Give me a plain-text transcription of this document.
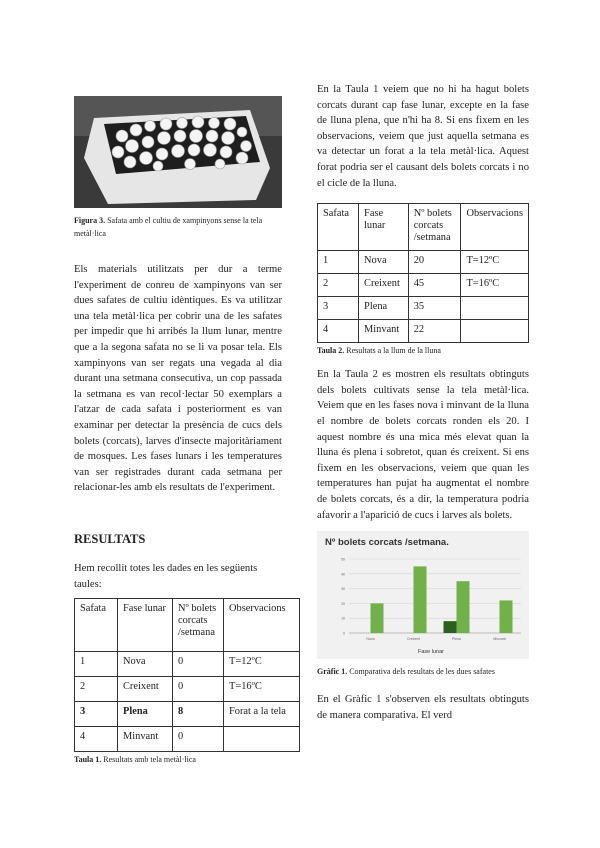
Figura 3. Safata amb el cultiu de xampinyons sense la tela metàl·lica

Els materials utilitzats per dur a terme l'experiment de conreu de xampinyons van ser dues safates de cultiu idèntiques. Es va utilitzar una tela metàl·lica per cobrir una de les safates per impedir que hi arribés la llum lunar, mentre que a la segona safata no se li va posar tela. Els xampinyons van ser regats una vegada al dia durant una setmana consecutiva, un cop passada la setmana es van recol·lectar 50 exemplars a l'atzar de cada safata i posteriorment es van examinar per detectar la presència de cucs dels bolets (corcats), larves d'insecte majoritàriament de mosques. Les fases lunars i les temperatures van ser registrades durant cada setmana per relacionar-les amb els resultats de l'experiment.

RESULTATS

Hem recollit totes les dades en les següents taules:

Safata	Fase lunar	Nº bolets corcats /setmana	Observacions
1	Nova	0	T=12ºC
2	Creixent	0	T=16ºC
3	Plena	8	Forat a la tela
4	Minvant	0	
Taula 1. Resultats amb tela metàl·lica

En la Taula 1 veiem que no hi ha hagut bolets corcats durant cap fase lunar, excepte en la fase de lluna plena, que n'hi ha 8. Si ens fixem en les observacions, veiem que just aquella setmana es va detectar un forat a la tela metàl·lica. Aquest forat podria ser el causant dels bolets corcats i no el cicle de la lluna.

Safata	Fase lunar	Nº bolets corcats /setmana	Observacions
1	Nova	20	T=12ºC
2	Creixent	45	T=16ºC
3	Plena	35	
4	Minvant	22	
Taula 2. Resultats a la llum de la lluna

En la Taula 2 es mostren els resultats obtinguts dels bolets cultivats sense la tela metàl·lica. Veiem que en les fases nova i minvant de la lluna el nombre de bolets corcats ronden els 20. I aquest nombre és una mica més elevat quan la lluna és plena i sobretot, quan és creixent. Si ens fixem en les observacions, veiem que quan les temperatures han pujat ha augmentat el nombre de bolets corcats, és a dir, la temperatura podria afavorir a l'aparició de cucs i larves als bolets.

Nº bolets corcats /setmana.
0
10
20
30
40
50
Nova	Creixent	Plena	Minvant
Fase lunar
Gràfic 1. Comparativa dels resultats de les dues safates

En el Gràfic 1 s'observen els resultats obtinguts de manera comparativa. El verd
